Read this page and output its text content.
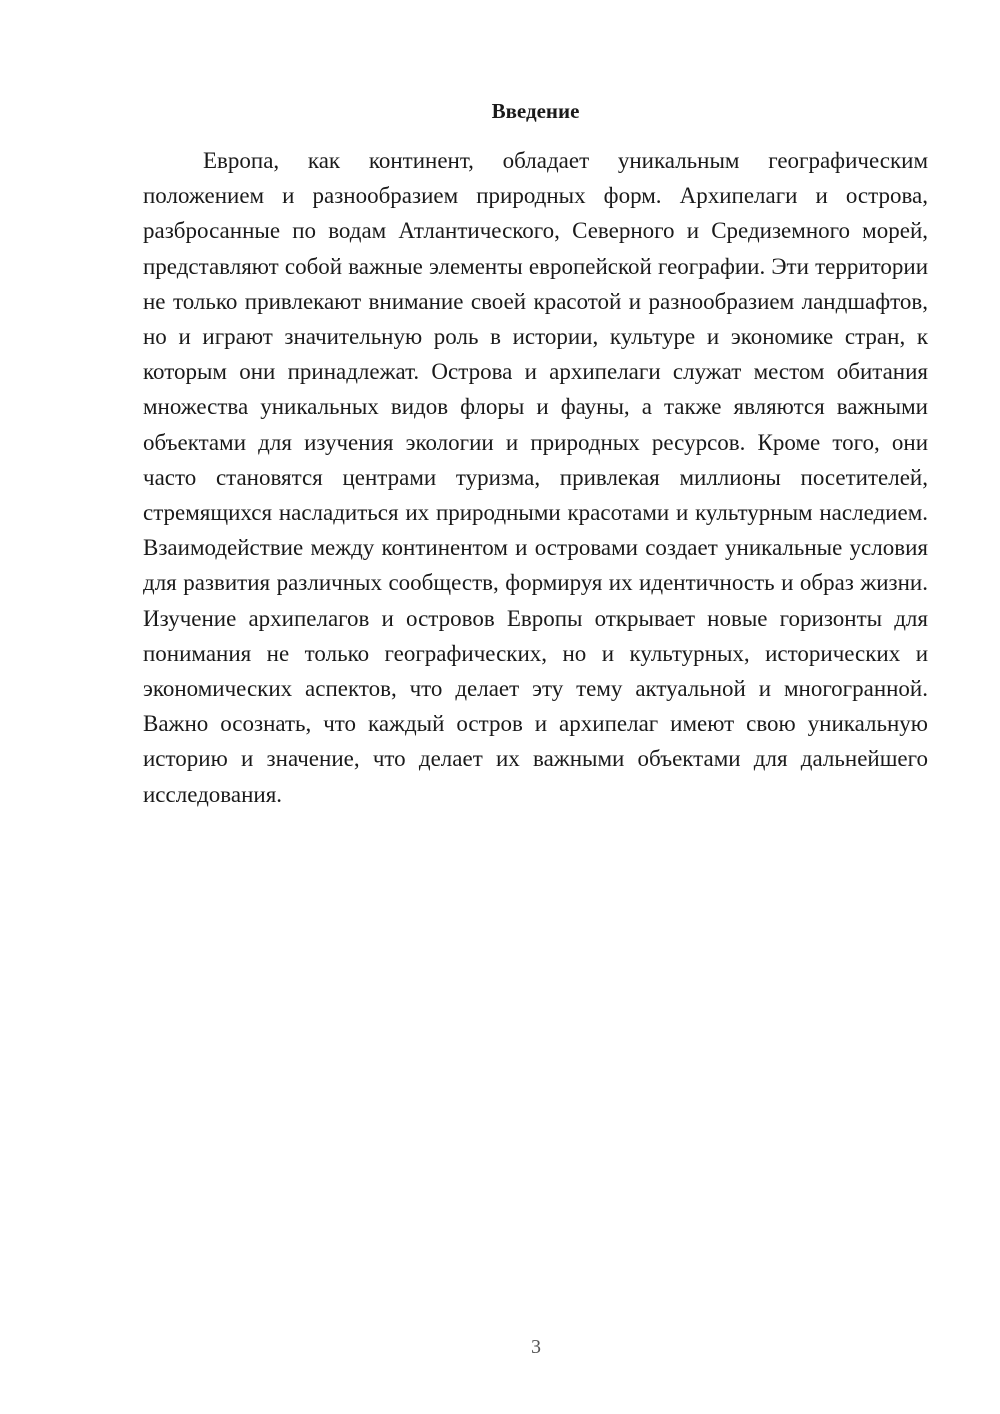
Введение

Европа, как континент, обладает уникальным географическим положением и разнообразием природных форм. Архипелаги и острова, разбросанные по водам Атлантического, Северного и Средиземного морей, представляют собой важные элементы европейской географии. Эти территории не только привлекают внимание своей красотой и разнообразием ландшафтов, но и играют значительную роль в истории, культуре и экономике стран, к которым они принадлежат. Острова и архипелаги служат местом обитания множества уникальных видов флоры и фауны, а также являются важными объектами для изучения экологии и природных ресурсов. Кроме того, они часто становятся центрами туризма, привлекая миллионы посетителей, стремящихся насладиться их природными красотами и культурным наследием. Взаимодействие между континентом и островами создает уникальные условия для развития различных сообществ, формируя их идентичность и образ жизни. Изучение архипелагов и островов Европы открывает новые горизонты для понимания не только географических, но и культурных, исторических и экономических аспектов, что делает эту тему актуальной и многогранной. Важно осознать, что каждый остров и архипелаг имеют свою уникальную историю и значение, что делает их важными объектами для дальнейшего исследования.

3
